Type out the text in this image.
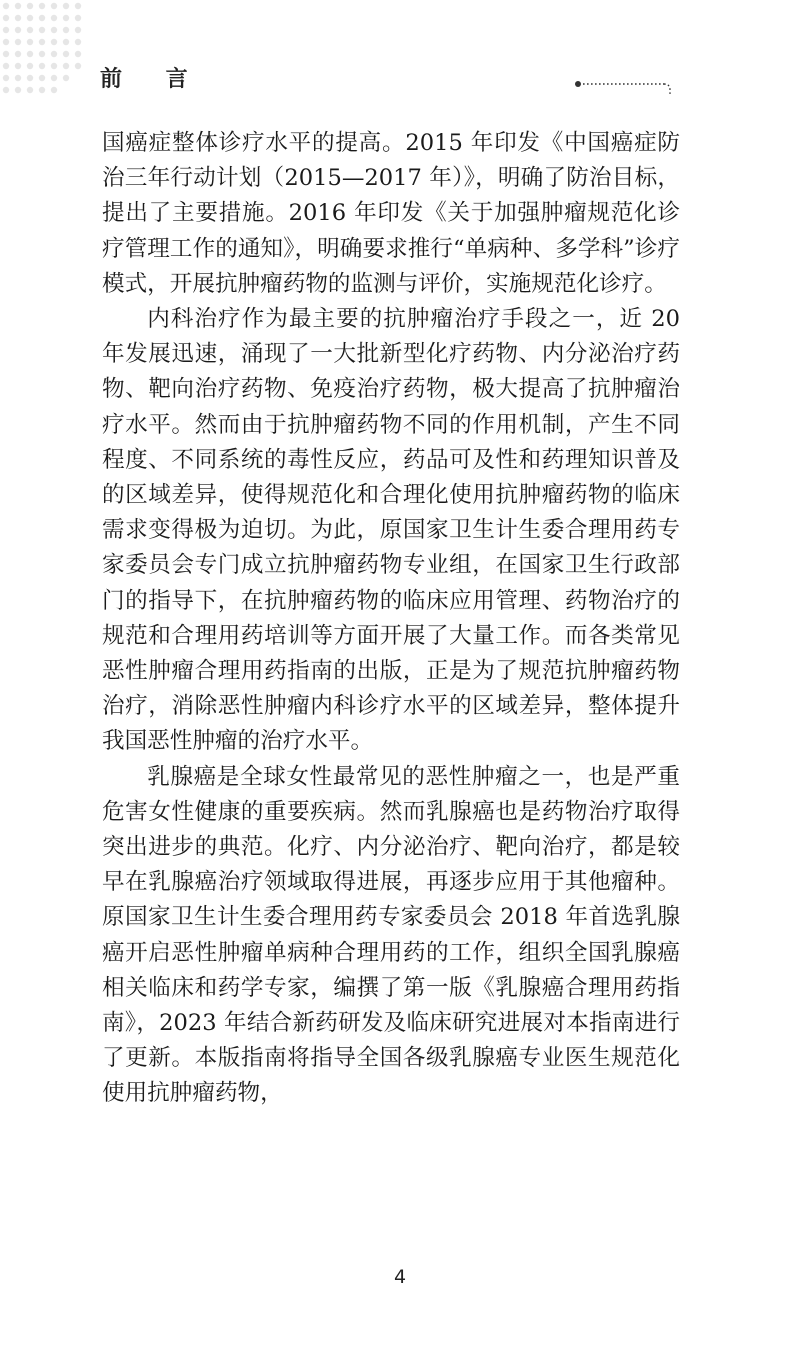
前 言

国癌症整体诊疗水平的提高。2015 年印发《中国癌症防治三年行动计划（2015—2017 年）》，明确了防治目标，提出了主要措施。2016 年印发《关于加强肿瘤规范化诊疗管理工作的通知》，明确要求推行“单病种、多学科”诊疗模式，开展抗肿瘤药物的监测与评价，实施规范化诊疗。

内科治疗作为最主要的抗肿瘤治疗手段之一，近 20 年发展迅速，涌现了一大批新型化疗药物、内分泌治疗药物、靶向治疗药物、免疫治疗药物，极大提高了抗肿瘤治疗水平。然而由于抗肿瘤药物不同的作用机制，产生不同程度、不同系统的毒性反应，药品可及性和药理知识普及的区域差异，使得规范化和合理化使用抗肿瘤药物的临床需求变得极为迫切。为此，原国家卫生计生委合理用药专家委员会专门成立抗肿瘤药物专业组，在国家卫生行政部门的指导下，在抗肿瘤药物的临床应用管理、药物治疗的规范和合理用药培训等方面开展了大量工作。而各类常见恶性肿瘤合理用药指南的出版，正是为了规范抗肿瘤药物治疗，消除恶性肿瘤内科诊疗水平的区域差异，整体提升我国恶性肿瘤的治疗水平。

乳腺癌是全球女性最常见的恶性肿瘤之一，也是严重危害女性健康的重要疾病。然而乳腺癌也是药物治疗取得突出进步的典范。化疗、内分泌治疗、靶向治疗，都是较早在乳腺癌治疗领域取得进展，再逐步应用于其他瘤种。原国家卫生计生委合理用药专家委员会 2018 年首选乳腺癌开启恶性肿瘤单病种合理用药的工作，组织全国乳腺癌相关临床和药学专家，编撰了第一版《乳腺癌合理用药指南》，2023 年结合新药研发及临床研究进展对本指南进行了更新。本版指南将指导全国各级乳腺癌专业医生规范化使用抗肿瘤药物，

4
